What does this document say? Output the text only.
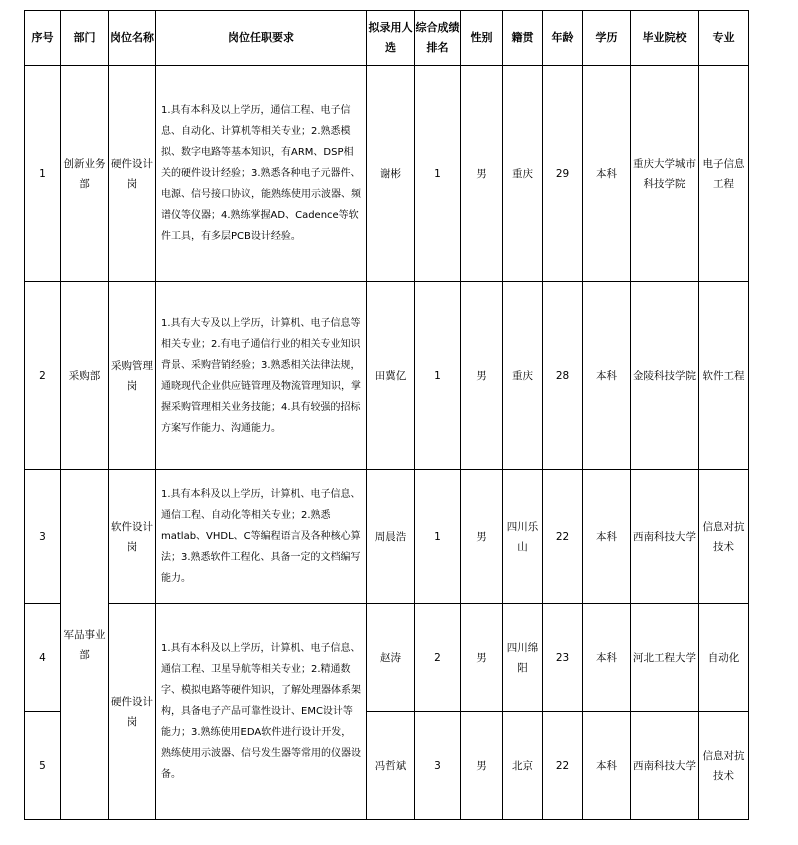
序号	部门	岗位名称	岗位任职要求	拟录用人选	综合成绩排名	性别	籍贯	年龄	学历	毕业院校	专业
1	创新业务部	硬件设计岗	1.具有本科及以上学历，通信工程、电子信息、自动化、计算机等相关专业；2.熟悉模拟、数字电路等基本知识，有ARM、DSP相关的硬件设计经验；3.熟悉各种电子元器件、电源、信号接口协议，能熟练使用示波器、频谱仪等仪器；4.熟练掌握AD、Cadence等软件工具，有多层PCB设计经验。	谢彬	1	男	重庆	29	本科	重庆大学城市科技学院	电子信息工程
2	采购部	采购管理岗	1.具有大专及以上学历，计算机、电子信息等相关专业；2.有电子通信行业的相关专业知识背景、采购营销经验；3.熟悉相关法律法规，通晓现代企业供应链管理及物流管理知识，掌握采购管理相关业务技能；4.具有较强的招标方案写作能力、沟通能力。	田冀亿	1	男	重庆	28	本科	金陵科技学院	软件工程
3	军品事业部	软件设计岗	1.具有本科及以上学历，计算机、电子信息、通信工程、自动化等相关专业；2.熟悉matlab、VHDL、C等编程语言及各种核心算法；3.熟悉软件工程化、具备一定的文档编写能力。	周晨浩	1	男	四川乐山	22	本科	西南科技大学	信息对抗技术
4		硬件设计岗	1.具有本科及以上学历，计算机、电子信息、通信工程、卫星导航等相关专业；2.精通数字、模拟电路等硬件知识，了解处理器体系架构，具备电子产品可靠性设计、EMC设计等能力；3.熟练使用EDA软件进行设计开发，熟练使用示波器、信号发生器等常用的仪器设备。	赵涛	2	男	四川绵阳	23	本科	河北工程大学	自动化
5				冯哲斌	3	男	北京	22	本科	西南科技大学	信息对抗技术
